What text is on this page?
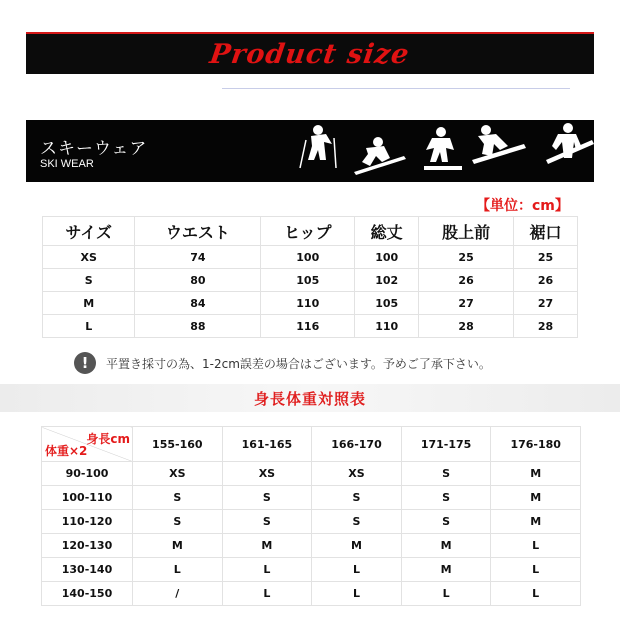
Product size
スキーウェア
SKI WEAR
【単位：cm】
サイズ	ウエスト	ヒップ	総丈	股上前	裾口
XS	74	100	100	25	25
S	80	105	102	26	26
M	84	110	105	27	27
L	88	116	110	28	28
!	平置き採寸の為、1-2cm誤差の場合はございます。予めご了承下さい。
身長体重対照表
身長cm
体重×2	155-160	161-165	166-170	171-175	176-180
90-100	XS	XS	XS	S	M
100-110	S	S	S	S	M
110-120	S	S	S	S	M
120-130	M	M	M	M	L
130-140	L	L	L	M	L
140-150	/	L	L	L	L
